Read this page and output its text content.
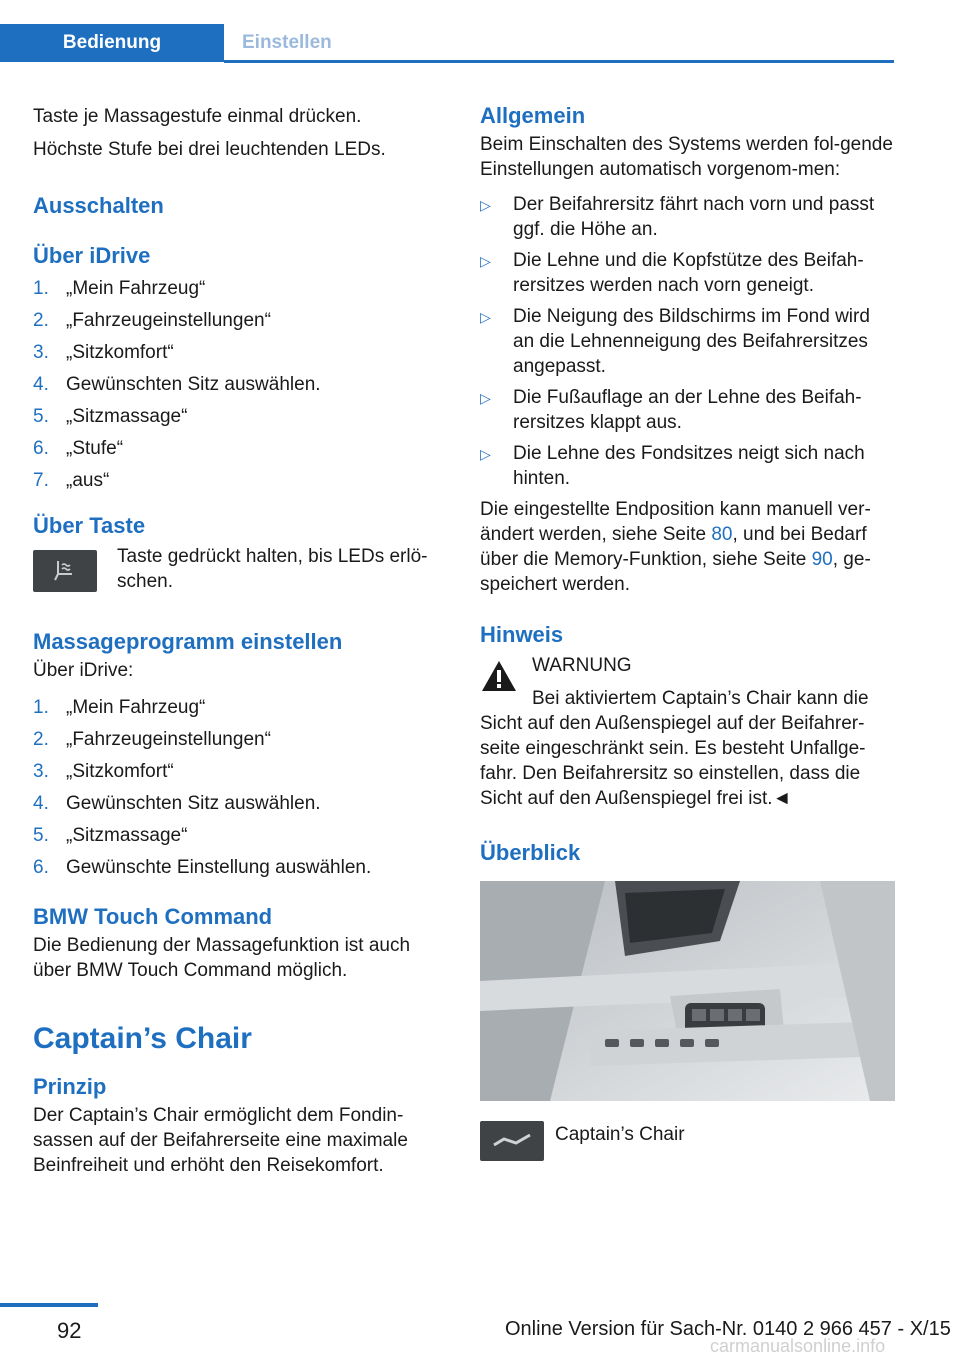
Bedienung	Einstellen

Taste je Massagestufe einmal drücken.

Höchste Stufe bei drei leuchtenden LEDs.

Ausschalten
Über iDrive
1. „Mein Fahrzeug“
2. „Fahrzeugeinstellungen“
3. „Sitzkomfort“
4. Gewünschten Sitz auswählen.
5. „Sitzmassage“
6. „Stufe“
7. „aus“
Über Taste

Taste gedrückt halten, bis LEDs erlö-schen.

Massageprogramm einstellen

Über iDrive:

1. „Mein Fahrzeug“
2. „Fahrzeugeinstellungen“
3. „Sitzkomfort“
4. Gewünschten Sitz auswählen.
5. „Sitzmassage“
6. Gewünschte Einstellung auswählen.
BMW Touch Command

Die Bedienung der Massagefunktion ist auch über BMW Touch Command möglich.

Captain’s Chair
Prinzip

Der Captain’s Chair ermöglicht dem Fondin-sassen auf der Beifahrerseite eine maximale Beinfreiheit und erhöht den Reisekomfort.

Allgemein

Beim Einschalten des Systems werden fol-gende Einstellungen automatisch vorgenom-men:

▷	Der Beifahrersitz fährt nach vorn und passt ggf. die Höhe an.
▷	Die Lehne und die Kopfstütze des Beifah-rersitzes werden nach vorn geneigt.
▷	Die Neigung des Bildschirms im Fond wird an die Lehnenneigung des Beifahrersitzes angepasst.
▷	Die Fußauflage an der Lehne des Beifah-rersitzes klappt aus.
▷	Die Lehne des Fondsitzes neigt sich nach hinten.

Die eingestellte Endposition kann manuell ver-ändert werden, siehe Seite 80, und bei Bedarf über die Memory-Funktion, siehe Seite 90, ge-speichert werden.

Hinweis

WARNUNG

Bei aktiviertem Captain’s Chair kann die

Sicht auf den Außenspiegel auf der Beifahrer-seite eingeschränkt sein. Es besteht Unfallge-fahr. Den Beifahrersitz so einstellen, dass die Sicht auf den Außenspiegel frei ist.◄

Überblick

Captain’s Chair

92	Online Version für Sach-Nr. 0140 2 966 457 - X/15
carmanualsonline.info
